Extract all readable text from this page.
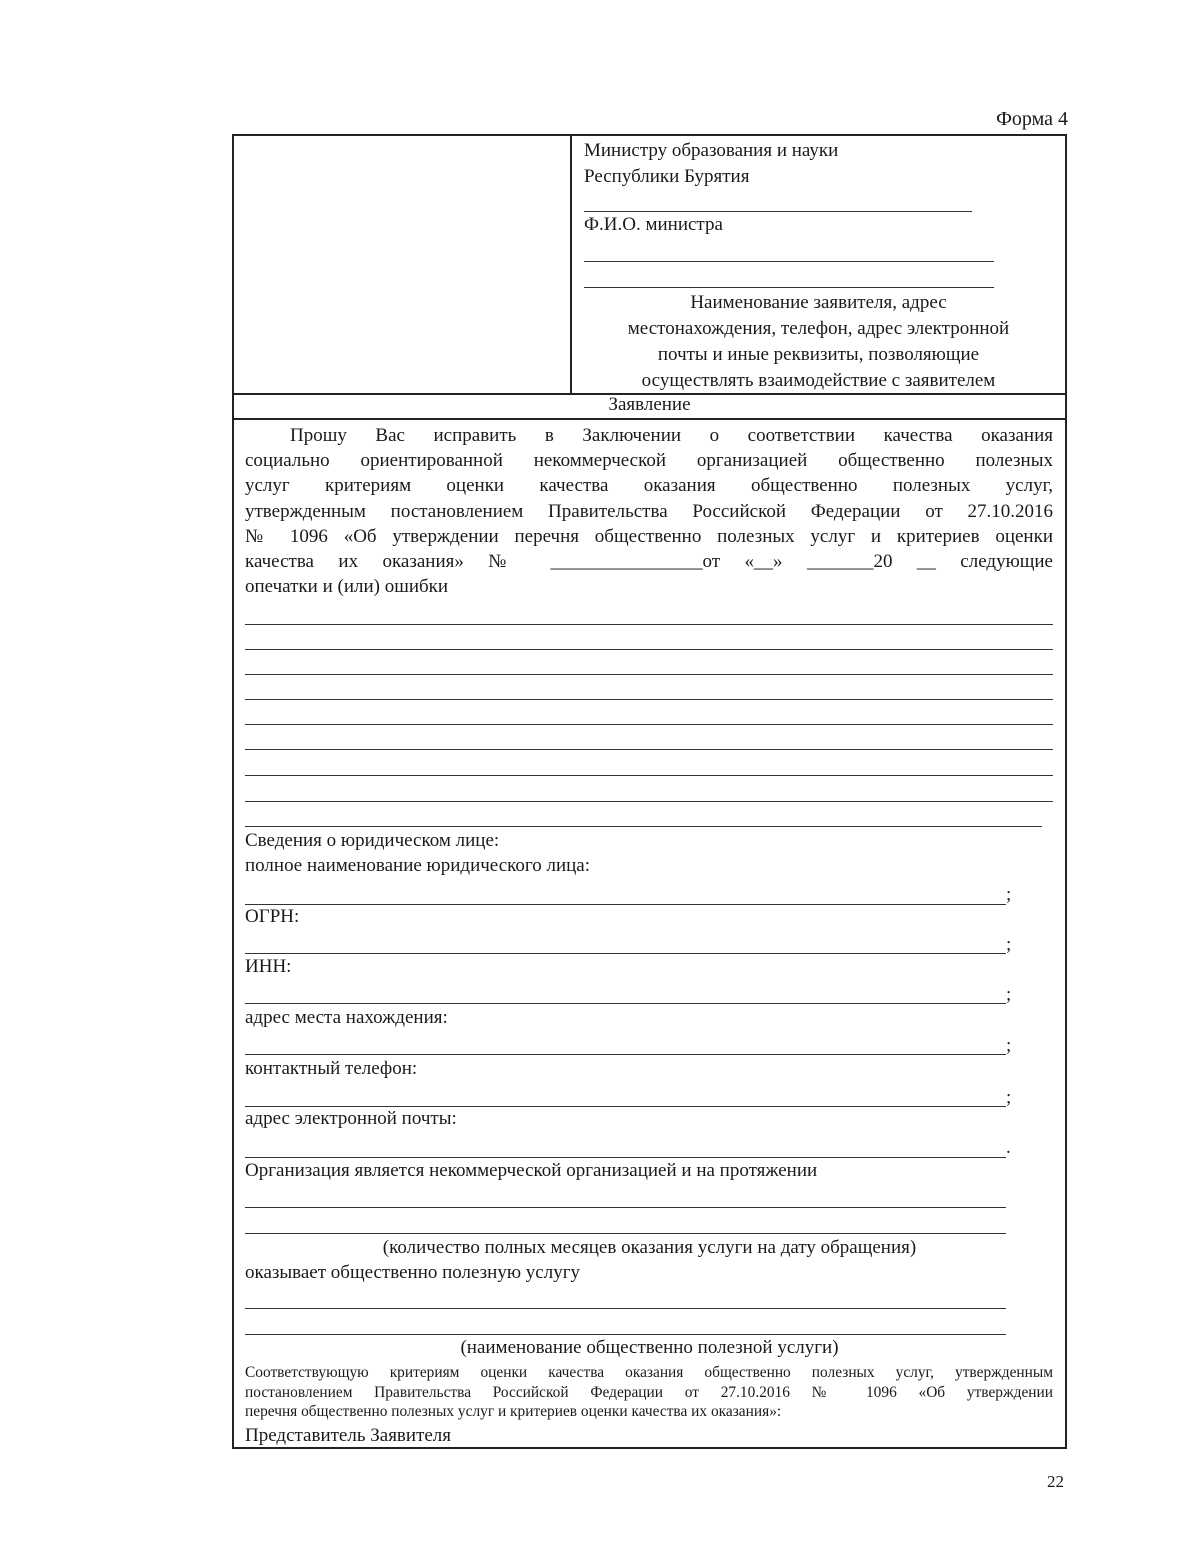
Форма 4
Министру образования и науки
Республики Бурятия
Ф.И.О. министра
Наименование заявителя, адрес
местонахождения, телефон, адрес электронной
почты и иные реквизиты, позволяющие
осуществлять взаимодействие с заявителем
Заявление

Прошу Вас исправить в Заключении о соответствии качества оказания

социально ориентированной некоммерческой организацией общественно полезных

услуг критериям оценки качества оказания общественно полезных услуг,

утвержденным постановлением Правительства Российской Федерации от 27.10.2016

№ 1096 «Об утверждении перечня общественно полезных услуг и критериев оценки

качества их оказания» № ________________от «__» _______20 __ следующие

опечатки и (или) ошибки

Сведения о юридическом лице:
полное наименование юридического лица:
;
ОГРН:
;
ИНН:
;
адрес места нахождения:
;
контактный телефон:
;
адрес электронной почты:
.
Организация является некоммерческой организацией и на протяжении
(количество полных месяцев оказания услуги на дату обращения)
оказывает общественно полезную услугу
(наименование общественно полезной услуги)
Соответствующую критериям оценки качества оказания общественно полезных услуг, утвержденным
постановлением Правительства Российской Федерации от 27.10.2016 № 1096 «Об утверждении
перечня общественно полезных услуг и критериев оценки качества их оказания»:
Представитель Заявителя
22
